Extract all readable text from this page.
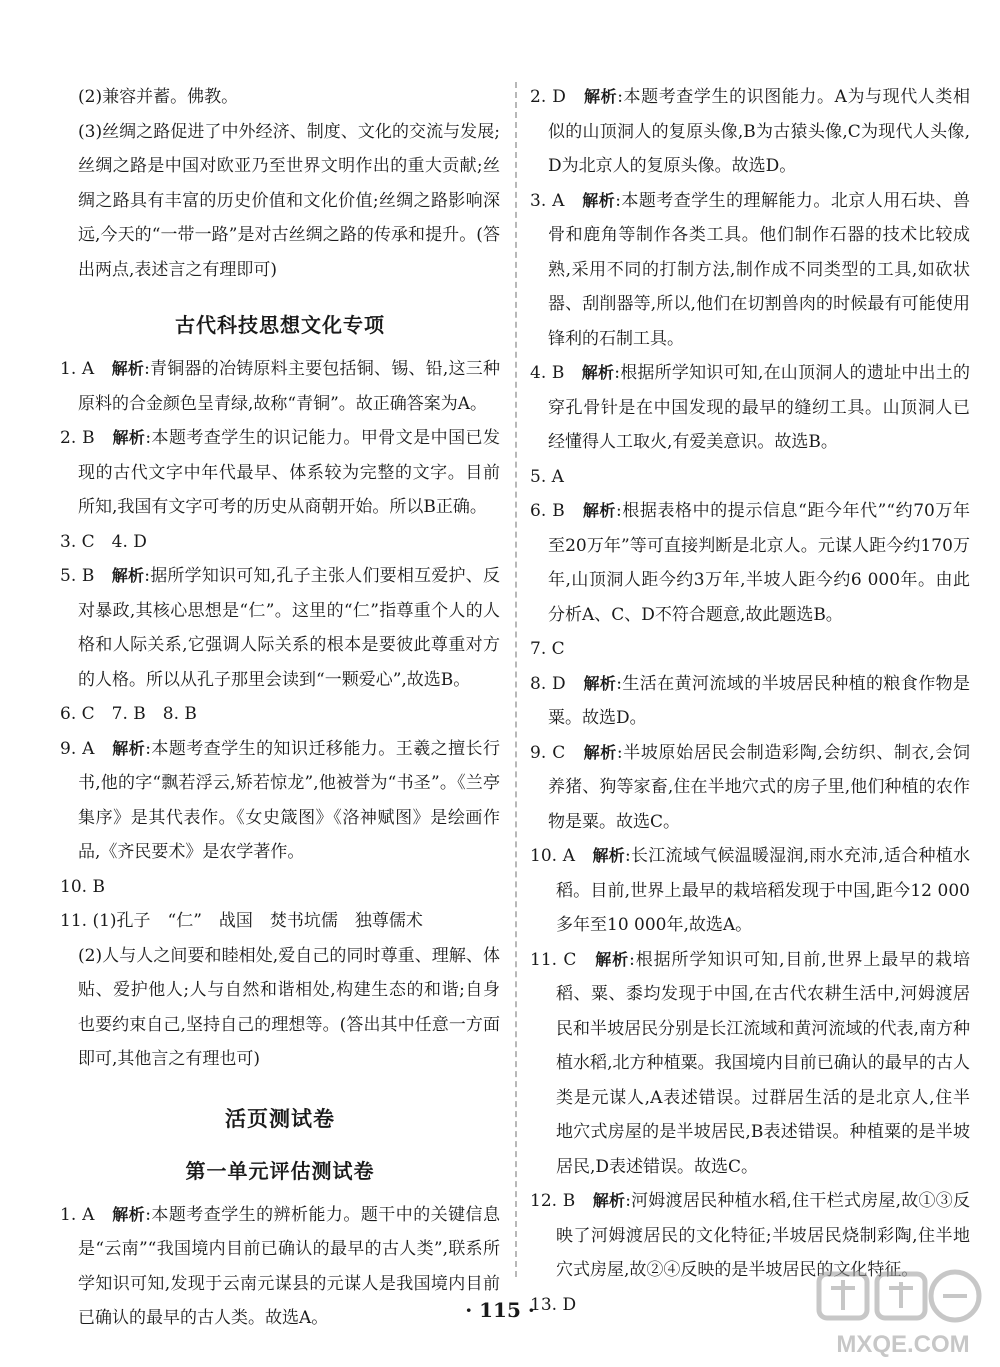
(2)兼容并蓄。佛教。

(3)丝绸之路促进了中外经济、制度、文化的交流与发展;丝绸之路是中国对欧亚乃至世界文明作出的重大贡献;丝绸之路具有丰富的历史价值和文化价值;丝绸之路影响深远,今天的“一带一路”是对古丝绸之路的传承和提升。(答出两点,表述言之有理即可)

古代科技思想文化专项

1. A　 解析:青铜器的冶铸原料主要包括铜、锡、铅,这三种原料的合金颜色呈青绿,故称“青铜”。故正确答案为A。

2. B　 解析:本题考查学生的识记能力。甲骨文是中国已发现的古代文字中年代最早、体系较为完整的文字。目前所知,我国有文字可考的历史从商朝开始。所以B正确。

3. C　4. D

5. B　 解析:据所学知识可知,孔子主张人们要相互爱护、反对暴政,其核心思想是“仁”。这里的“仁”指尊重个人的人格和人际关系,它强调人际关系的根本是要彼此尊重对方的人格。所以从孔子那里会读到“一颗爱心”,故选B。

6. C　7. B　8. B

9. A　 解析:本题考查学生的知识迁移能力。王羲之擅长行书,他的字“飘若浮云,矫若惊龙”,他被誉为“书圣”。《兰亭集序》是其代表作。《女史箴图》《洛神赋图》是绘画作品,《齐民要术》是农学著作。

10. B

11. (1)孔子　“仁”　战国　焚书坑儒　独尊儒术

(2)人与人之间要和睦相处,爱自己的同时尊重、理解、体贴、爱护他人;人与自然和谐相处,构建生态的和谐;自身也要约束自己,坚持自己的理想等。(答出其中任意一方面即可,其他言之有理也可)

活页测试卷
第一单元评估测试卷

1. A　 解析:本题考查学生的辨析能力。题干中的关键信息是“云南”“我国境内目前已确认的最早的古人类”,联系所学知识可知,发现于云南元谋县的元谋人是我国境内目前已确认的最早的古人类。故选A。

2. D　 解析:本题考查学生的识图能力。A为与现代人类相似的山顶洞人的复原头像,B为古猿头像,C为现代人头像,D为北京人的复原头像。故选D。

3. A　 解析:本题考查学生的理解能力。北京人用石块、兽骨和鹿角等制作各类工具。他们制作石器的技术比较成熟,采用不同的打制方法,制作成不同类型的工具,如砍状器、刮削器等,所以,他们在切割兽肉的时候最有可能使用锋利的石制工具。

4. B　 解析:根据所学知识可知,在山顶洞人的遗址中出土的穿孔骨针是在中国发现的最早的缝纫工具。山顶洞人已经懂得人工取火,有爱美意识。故选B。

5. A

6. B　 解析:根据表格中的提示信息“距今年代”“约70万年至20万年”等可直接判断是北京人。元谋人距今约170万年,山顶洞人距今约3万年,半坡人距今约6 000年。由此分析A、C、D不符合题意,故此题选B。

7. C

8. D　 解析:生活在黄河流域的半坡居民种植的粮食作物是粟。故选D。

9. C　 解析:半坡原始居民会制造彩陶,会纺织、制衣,会饲养猪、狗等家畜,住在半地穴式的房子里,他们种植的农作物是粟。故选C。

10. A　 解析:长江流域气候温暖湿润,雨水充沛,适合种植水稻。目前,世界上最早的栽培稻发现于中国,距今12 000多年至10 000年,故选A。

11. C　 解析:根据所学知识可知,目前,世界上最早的栽培稻、粟、黍均发现于中国,在古代农耕生活中,河姆渡居民和半坡居民分别是长江流域和黄河流域的代表,南方种植水稻,北方种植粟。我国境内目前已确认的最早的古人类是元谋人,A表述错误。过群居生活的是北京人,住半地穴式房屋的是半坡居民,B表述错误。种植粟的是半坡居民,D表述错误。故选C。

12. B　 解析:河姆渡居民种植水稻,住干栏式房屋,故①③反映了河姆渡居民的文化特征;半坡居民烧制彩陶,住半地穴式房屋,故②④反映的是半坡居民的文化特征。

13. D

· 115 ·
MXQE.COM
